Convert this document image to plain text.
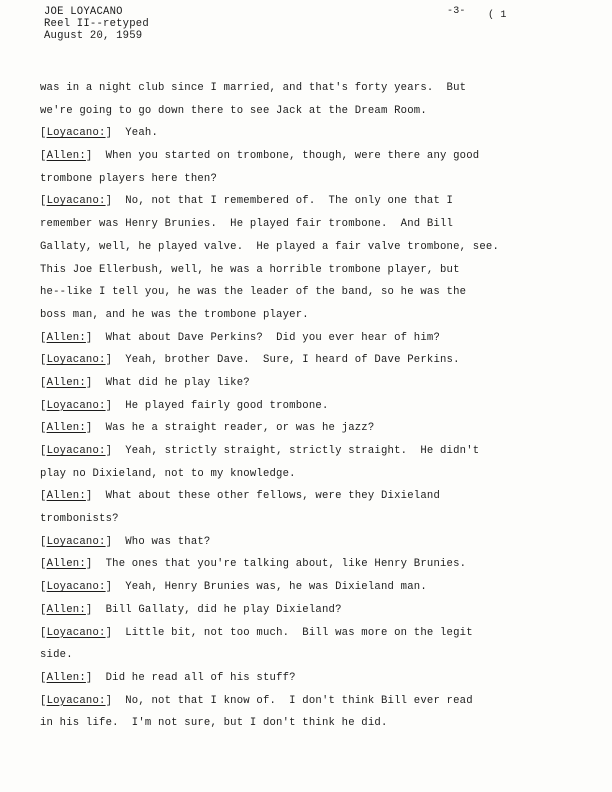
JOE LOYACANO
Reel II--retyped
August 20, 1959
-3- ( 1
was in a night club since I married, and that's forty years.  But
we're going to go down there to see Jack at the Dream Room.
[Loyacano:]  Yeah.
[Allen:]  When you started on trombone, though, were there any good
trombone players here then?
[Loyacano:]  No, not that I remembered of.  The only one that I
remember was Henry Brunies.  He played fair trombone.  And Bill
Gallaty, well, he played valve.  He played a fair valve trombone, see.
This Joe Ellerbush, well, he was a horrible trombone player, but
he--like I tell you, he was the leader of the band, so he was the
boss man, and he was the trombone player.
[Allen:]  What about Dave Perkins?  Did you ever hear of him?
[Loyacano:]  Yeah, brother Dave.  Sure, I heard of Dave Perkins.
[Allen:]  What did he play like?
[Loyacano:]  He played fairly good trombone.
[Allen:]  Was he a straight reader, or was he jazz?
[Loyacano:]  Yeah, strictly straight, strictly straight.  He didn't
play no Dixieland, not to my knowledge.
[Allen:]  What about these other fellows, were they Dixieland
trombonists?
[Loyacano:]  Who was that?
[Allen:]  The ones that you're talking about, like Henry Brunies.
[Loyacano:]  Yeah, Henry Brunies was, he was Dixieland man.
[Allen:]  Bill Gallaty, did he play Dixieland?
[Loyacano:]  Little bit, not too much.  Bill was more on the legit
side.
[Allen:]  Did he read all of his stuff?
[Loyacano:]  No, not that I know of.  I don't think Bill ever read
in his life.  I'm not sure, but I don't think he did.
